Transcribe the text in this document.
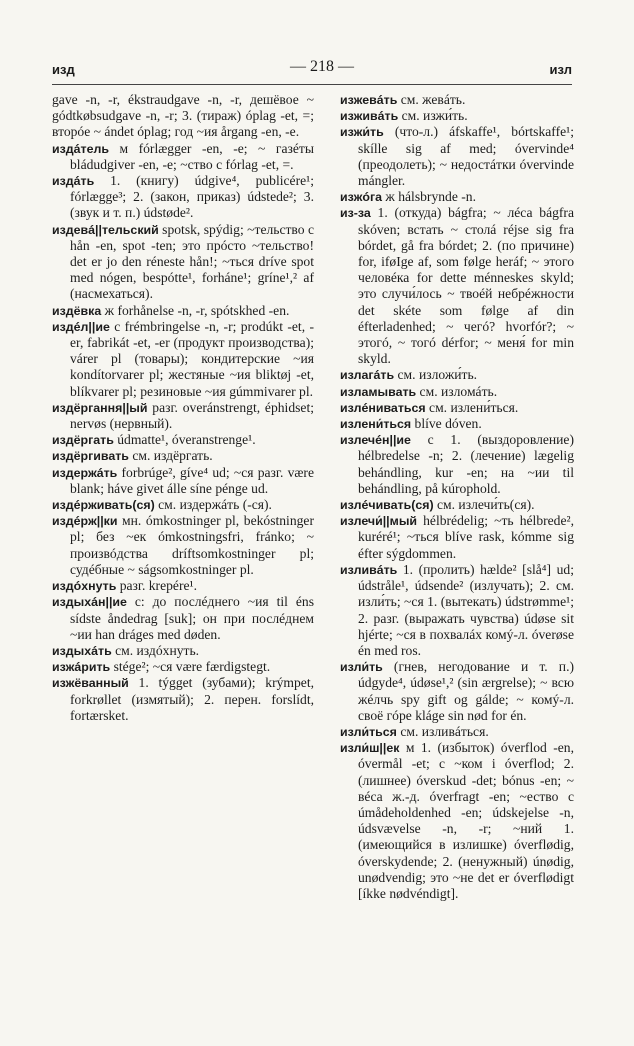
изд	— 218 —	изл

gave -n, -r, ékstraudgave -n, -r, дешёвое ~ gódtkøbsudgave -n, -r; 3. (тираж) óplag -et, =; вторóе ~ ándet óplag; год ~ия årgang -en, -e.

издáтель м fórlægger -en, -e; ~ газéты bládudgiver -en, -e; ~ство с fórlag -et, =.

издáть 1. (книгу) údgive⁴, publicére¹; fórlægge³; 2. (закон, приказ) údstede²; 3. (звук и т. п.) údstøde².

издевá||тельский spotsk, spýdig; ~тельство с hån -en, spot -ten; это прóсто ~тельство! det er jo den réneste hån!; ~ться dríve spot med nógen, bespótte¹, forháne¹; gríne¹,² af (насмехаться).

издёвка ж forhånelse -n, -r, spótskhed -en.

издéл||ие с frémbringelse -n, -r; prodúkt -et, -er, fabrikát -et, -er (продукт производства); várer pl (товары); кондитерские ~ия kondítorvarer pl; жестяные ~ия bliktøj -et, blíkvarer pl; резиновые ~ия gúmmivarer pl.

издёргання||ый разг. overánstrengt, éphidset; nervøs (нервный).

издёргать údmatte¹, óveranstrenge¹.

издёргивать см. издёргать.

издержáть forbrúge², gíve⁴ ud; ~ся разг. være blank; háve givet álle síne pénge ud.

издéрживать(ся) см. издержáть (-ся).

издéрж||ки мн. ómkostninger pl, bekóstninger pl; без ~ек ómkostningsfri, fránko; ~ произвóдства dríftsomkostninger pl; судéбные ~ ságsomkostninger pl.

издóхнуть разг. krepére¹.

издыхáн||ие с: до послéднего ~ия til éns sídste åndedrag [suk]; он при послéднем ~ии han dráges med døden.

издыхáть см. издóхнуть.

изжáрить stége²; ~ся være færdigstegt.

изжёванный 1. týgget (зубами); krýmpet, forkrøllet (измятый); 2. перен. forslídt, fortærsket.

изжевáть см. жевáть.

изживáть см. изжи́ть.

изжи́ть (что-л.) áfskaffe¹, bórtskaffe¹; skílle sig af med; óvervinde⁴ (преодолеть); ~ недостáтки óvervinde mángler.

изжóга ж hálsbrynde -n.

из-за 1. (откуда) bágfra; ~ лéса bágfra skóven; встать ~ столá réjse sig fra bórdet, gå fra bórdet; 2. (по причине) for, iføIge af, som følge heráf; ~ этого человéка for dette ménneskes skyld; это случи́лось ~ твоéй небрéжности det skéte som følge af din éfterladenhed; ~ чегó? hvorfór?; ~ этогó, ~ тогó dérfor; ~ меня́ for min skyld.

излагáть см. изложи́ть.

изламывать см. изломáть.

излéниваться см. излени́ться.

излени́ться blíve dóven.

излечéн||ие с 1. (выздоровление) hélbredelse -n; 2. (лечение) lægelig behándling, kur -en; на ~ии til behándling, på kúrophold.

излéчивать(ся) см. излечи́ть(ся).

излечи́||мый hélbrédelig; ~ть hélbrede², kuréré¹; ~ться blíve rask, kómme sig éfter sýgdommen.

изливáть 1. (пролить) hælde² [slå⁴] ud; údstråle¹, údsende² (излучать); 2. см. изли́ть; ~ся 1. (вытекать) údstrømme¹; 2. разг. (выражать чувства) údøse sit hjérte; ~ся в похвалáх комý-л. óverøse én med ros.

изли́ть (гнев, негодование и т. п.) údgyde⁴, údøse¹,² (sin ærgrelse); ~ всю жéлчь spy gift og gálde; ~ комý-л. своё гóре kláge sin nød for én.

изли́ться см. изливáться.

изли́ш||ек м 1. (избыток) óverflod -en, óvermål -et; с ~ком i óverflod; 2. (лишнее) óverskud -det; bónus -en; ~ вéса ж.-д. óverfragt -en; ~ество с úmådeholdenhed -en; údskejelse -n, údsvævelse -n, -r; ~ний 1. (имеющийся в излишке) óverflødig, óverskydende; 2. (ненужный) únødig, unødvendig; это ~не det er óverflødigt [íkke nødvéndigt].
